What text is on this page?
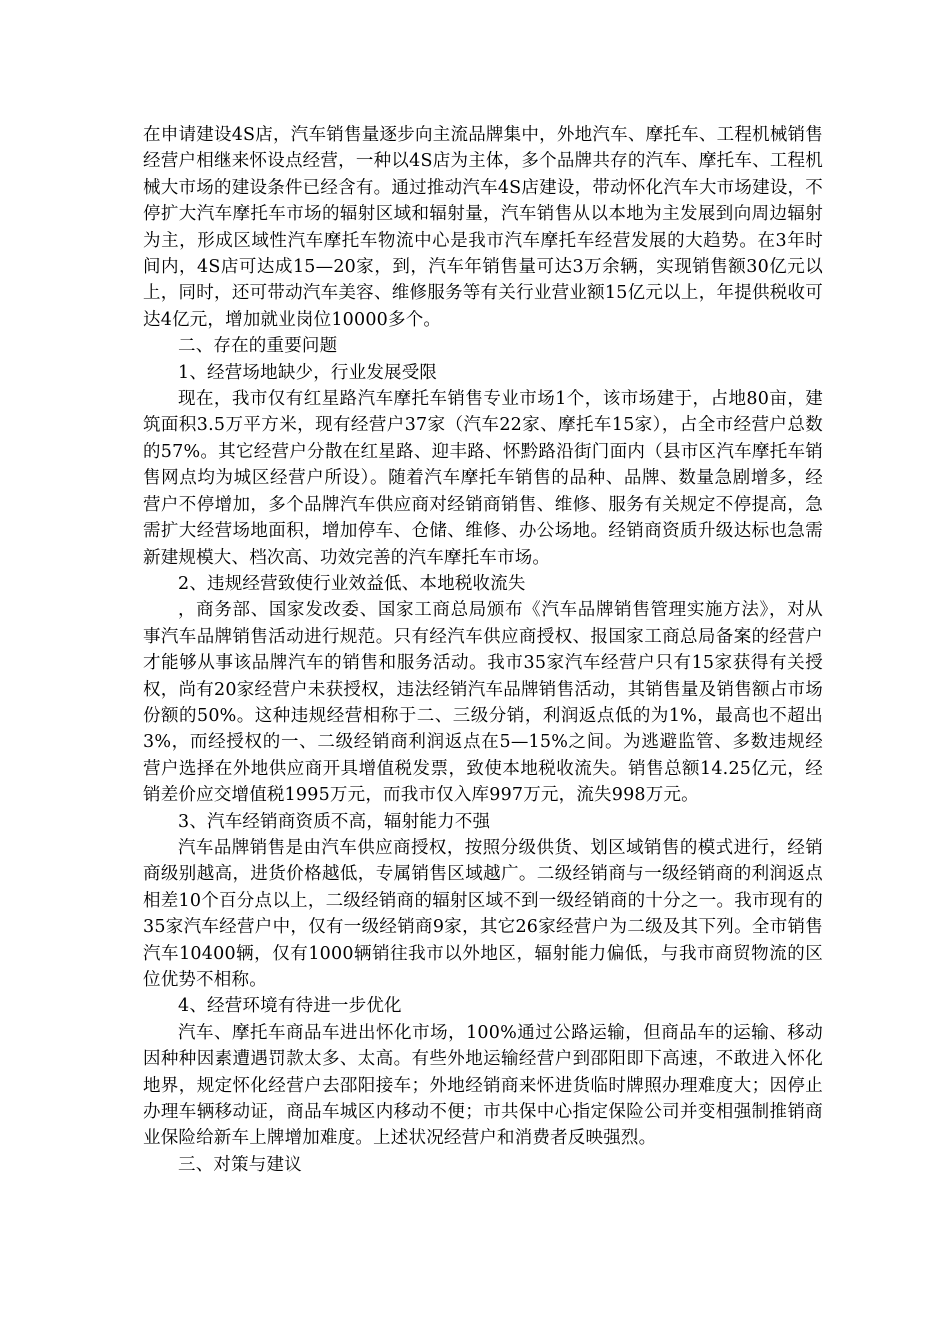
在申请建设4S店，汽车销售量逐步向主流品牌集中，外地汽车、摩托车、工程机械销售经营户相继来怀设点经营，一种以4S店为主体，多个品牌共存的汽车、摩托车、工程机械大市场的建设条件已经含有。通过推动汽车4S店建设，带动怀化汽车大市场建设，不停扩大汽车摩托车市场的辐射区域和辐射量，汽车销售从以本地为主发展到向周边辐射为主，形成区域性汽车摩托车物流中心是我市汽车摩托车经营发展的大趋势。在3年时间内，4S店可达成15—20家，到，汽车年销售量可达3万余辆，实现销售额30亿元以上，同时，还可带动汽车美容、维修服务等有关行业营业额15亿元以上，年提供税收可达4亿元，增加就业岗位10000多个。

二、存在的重要问题

1、经营场地缺少，行业发展受限

现在，我市仅有红星路汽车摩托车销售专业市场1个，该市场建于，占地80亩，建筑面积3.5万平方米，现有经营户37家（汽车22家、摩托车15家），占全市经营户总数的57%。其它经营户分散在红星路、迎丰路、怀黔路沿街门面内（县市区汽车摩托车销售网点均为城区经营户所设）。随着汽车摩托车销售的品种、品牌、数量急剧增多，经营户不停增加，多个品牌汽车供应商对经销商销售、维修、服务有关规定不停提高，急需扩大经营场地面积，增加停车、仓储、维修、办公场地。经销商资质升级达标也急需新建规模大、档次高、功效完善的汽车摩托车市场。

2、违规经营致使行业效益低、本地税收流失

，商务部、国家发改委、国家工商总局颁布《汽车品牌销售管理实施方法》，对从事汽车品牌销售活动进行规范。只有经汽车供应商授权、报国家工商总局备案的经营户才能够从事该品牌汽车的销售和服务活动。我市35家汽车经营户只有15家获得有关授权，尚有20家经营户未获授权，违法经销汽车品牌销售活动，其销售量及销售额占市场份额的50%。这种违规经营相称于二、三级分销，利润返点低的为1%，最高也不超出3%，而经授权的一、二级经销商利润返点在5—15%之间。为逃避监管、多数违规经营户选择在外地供应商开具增值税发票，致使本地税收流失。销售总额14.25亿元，经销差价应交增值税1995万元，而我市仅入库997万元，流失998万元。

3、汽车经销商资质不高，辐射能力不强

汽车品牌销售是由汽车供应商授权，按照分级供货、划区域销售的模式进行，经销商级别越高，进货价格越低，专属销售区域越广。二级经销商与一级经销商的利润返点相差10个百分点以上，二级经销商的辐射区域不到一级经销商的十分之一。我市现有的35家汽车经营户中，仅有一级经销商9家，其它26家经营户为二级及其下列。全市销售汽车10400辆，仅有1000辆销往我市以外地区，辐射能力偏低，与我市商贸物流的区位优势不相称。

4、经营环境有待进一步优化

汽车、摩托车商品车进出怀化市场，100%通过公路运输，但商品车的运输、移动因种种因素遭遇罚款太多、太高。有些外地运输经营户到邵阳即下高速，不敢进入怀化地界，规定怀化经营户去邵阳接车；外地经销商来怀进货临时牌照办理难度大；因停止办理车辆移动证，商品车城区内移动不便；市共保中心指定保险公司并变相强制推销商业保险给新车上牌增加难度。上述状况经营户和消费者反映强烈。

三、对策与建议
